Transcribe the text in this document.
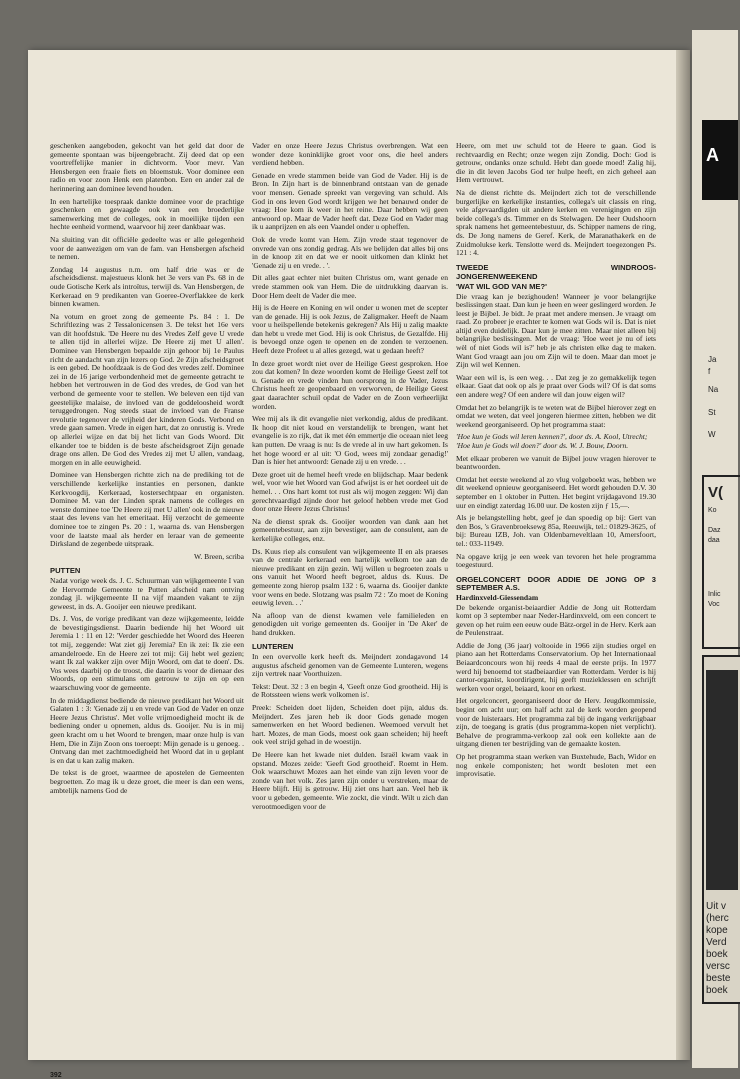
geschenken aangeboden, gekocht van het geld dat door de gemeente spontaan was bijeengebracht. Zij deed dat op een voortreffelijke manier in dichtvorm. Voor mevr. Van Hensbergen een fraaie fiets en bloemstuk. Voor dominee een radio en voor zoon Henk een platenbon. Een en ander zal de herinnering aan dominee levend houden.

In een hartelijke toespraak dankte dominee voor de prachtige geschenken en gewaagde ook van een broederlijke samenwerking met de colleges, ook in moeilijke tijden een hechte eenheid vormend, waarvoor hij zeer dankbaar was.

Na sluiting van dit officiële gedeelte was er alle gelegenheid voor de aanwezigen om van de fam. van Hensbergen afscheid te nemen.

Zondag 14 augustus n.m. om half drie was er de afscheidsdienst. majestueus klonk het 3e vers van Ps. 68 in de oude Gotische Kerk als introïtus, terwijl ds. Van Hensbergen, de Kerkeraad en 9 predikanten van Goeree-Overflakkee de kerk binnen kwamen.

Na votum en groet zong de gemeente Ps. 84 : 1. De Schriftlezing was 2 Tessalonicensen 3. De tekst het 16e vers van dit hoofdstuk. 'De Heere nu des Vredes Zelf geve U vrede te allen tijd in allerlei wijze. De Heere zij met U allen'. Dominee van Hensbergen bepaalde zijn gehoor bij 1e Paulus richt de aandacht van zijn lezers op God. 2e Zijn afscheidsgroet is een gebed. De hoofdzaak is de God des vredes zelf. Dominee zei in de 16 jarige verbondenheid met de gemeente getracht te hebben het vertrouwen in de God des vredes, de God van het verbond de gemeente voor te stellen. We beleven een tijd van geestelijke malaise, de invloed van de goddeloosheid wordt teruggedrongen. Nog steeds staat de invloed van de Franse revolutie tegenover de vrijheid der kinderen Gods. Verbond en vrede gaan samen. Vrede in eigen hart, dat zo onrustig is. Vrede op allerlei wijze en dat bij het licht van Gods Woord. Dit elkander toe te bidden is de beste afscheidsgroet Zijn genade drage ons allen. De God des Vredes zij met U allen, vandaag, morgen en in alle eeuwigheid.

Dominee van Hensbergen richtte zich na de prediking tot de verschillende kerkelijke instanties en personen, dankte Kerkvoogdij, Kerkeraad, kostersechtpaar en organisten. Dominee M. van der Linden sprak namens de colleges en wenste dominee toe 'De Heere zij met U allen' ook in de nieuwe staat des levens van het emeritaat. Hij verzocht de gemeente dominee toe te zingen Ps. 20 : 1, waarna ds. van Hensbergen voor de laatste maal als herder en leraar van de gemeente Dirksland de zegenbede uitspraak.

W. Breen, scriba

PUTTEN

Nadat vorige week ds. J. C. Schuurman van wijkgemeente I van de Hervormde Gemeente te Putten afscheid nam ontving zondag jl. wijkgemeente II na vijf maanden vakant te zijn geweest, in ds. A. Gooijer een nieuwe predikant.

Ds. J. Vos, de vorige predikant van deze wijkgemeente, leidde de bevestigingsdienst. Daarin bediende hij het Woord uit Jeremia 1 : 11 en 12: 'Verder geschiedde het Woord des Heeren tot mij, zeggende: Wat ziet gij Jeremia? En ik zei: Ik zie een amandelroede. En de Heere zei tot mij: Gij hebt wel gezien; want Ik zal wakker zijn over Mijn Woord, om dat te doen'. Ds. Vos wees daarbij op de troost, die daarin is voor de dienaar des Woords, op een stimulans om getrouw te zijn en op een waarschuwing voor de gemeente.

In de middagdienst bediende de nieuwe predikant het Woord uit Galaten 1 : 3: 'Genade zij u en vrede van God de Vader en onze Heere Jezus Christus'. Met volle vrijmoedigheid mocht ik de bediening onder u opnemen, aldus ds. Gooijer. Nu is in mij geen kracht om u het Woord te brengen, maar onze hulp is van Hem, Die in Zijn Zoon ons toeroept: Mijn genade is u genoeg. . Ontvang dan met zachtmoedigheid het Woord dat in u geplant is en dat u kan zalig maken.

De tekst is de groet, waarmee de apostelen de Gemeenten begroetten. Zo mag ik u deze groet, die meer is dan een wens, ambtelijk namens God de

Vader en onze Heere Jezus Christus overbrengen. Wat een wonder deze koninklijke groet voor ons, die heel anders verdiend hebben.

Genade en vrede stammen beide van God de Vader. Hij is de Bron. In Zijn hart is de binnenbrand ontstaan van de genade voor mensen. Genade spreekt van vergeving van schuld. Als God in ons leven God wordt krijgen we het benauwd onder de vraag: Hoe kom ik weer in het reine. Daar hebben wij geen antwoord op. Maar de Vader heeft dat. Deze God en Vader mag ik u aanprijzen en als een Vaandel onder u opheffen.

Ook de vrede komt van Hem. Zijn vrede staat tegenover de onvrede van ons zondig gedrag. Als we belijden dat alles bij ons in de knoop zit en dat we er nooit uitkomen dan klinkt het 'Genade zij u en vrede. . '.

Dit alles gaat echter niet buiten Christus om, want genade en vrede stammen ook van Hem. Die de uitdrukking daarvan is. Door Hem deelt de Vader die mee.

Hij is de Heere en Koning en wil onder u wonen met de scepter van de genade. Hij is ook Jezus, de Zaligmaker. Heeft de Naam voor u heilspellende betekenis gekregen? Als Hij u zalig maakte dan hebt u vrede met God. Hij is ook Christus, de Gezalfde. Hij is bevoegd onze ogen te openen en de zonden te verzoenen. Heeft deze Profeet u al alles gezegd, wat u gedaan heeft?

In deze groet wordt niet over de Heilige Geest gesproken. Hoe zou dat komen? In deze woorden komt de Heilige Geest zelf tot u. Genade en vrede vinden hun oorsprong in de Vader, Jezus Christus heeft ze geopenbaard en verworven, de Heilige Geest gaat daarachter schuil opdat de Vader en de Zoon verheerlijkt worden.

Wee mij als ik dit evangelie niet verkondig, aldus de predikant. Ik hoop dit niet koud en verstandelijk te brengen, want het evangelie is zo rijk, dat ik met één emmertje die oceaan niet leeg kan putten. De vraag is nu: Is de vrede al in uw hart gekomen. Is het hoge woord er al uit: 'O God, wees mij zondaar genadig!' Dan is hier het antwoord: Genade zij u en vrede. . .

Deze groet uit de hemel heeft vrede en blijdschap. Maar bedenk wel, voor wie het Woord van God afwijst is er het oordeel uit de hemel. . . Ons hart komt tot rust als wij mogen zeggen: Wij dan gerechtvaardigd zijnde door het geloof hebben vrede met God door onze Heere Jezus Christus!

Na de dienst sprak ds. Gooijer woorden van dank aan het gemeentebestuur, aan zijn bevestiger, aan de consulent, aan de kerkelijke colleges, enz.

Ds. Kuus riep als consulent van wijkgemeente II en als praeses van de centrale kerkeraad een hartelijk welkom toe aan de nieuwe predikant en zijn gezin. Wij willen u begroeten zoals u ons vanuit het Woord heeft begroet, aldus ds. Kuus. De gemeente zong hierop psalm 132 : 6, waarna ds. Gooijer dankte voor wens en bede. Slotzang was psalm 72 : 'Zo moet de Koning eeuwig leven. . .'

Na afloop van de dienst kwamen vele familieleden en genodigden uit vorige gemeenten ds. Gooijer in 'De Aker' de hand drukken.

LUNTEREN

In een overvolle kerk heeft ds. Meijndert zondagavond 14 augustus afscheid genomen van de Gemeente Lunteren, wegens zijn vertrek naar Voorthuizen.

Tekst: Deut. 32 : 3 en begin 4, 'Geeft onze God grootheid. Hij is de Rotssteen wiens werk volkomen is'.

Preek: Scheiden doet lijden, Scheiden doet pijn, aldus ds. Meijndert. Zes jaren heb ik door Gods genade mogen samenwerken en het Woord bedienen. Weemoed vervult het hart. Mozes, de man Gods, moest ook gaan scheiden; hij heeft ook veel strijd gehad in de woestijn.

De Heere kan het kwade niet dulden. Israël kwam vaak in opstand. Mozes zeide: 'Geeft God grootheid'. Roemt in Hem. Ook waarschuwt Mozes aan het einde van zijn leven voor de zonde van het volk. Zes jaren zijn onder u verstreken, maar de Heere blijft. Hij is getrouw. Hij ziet ons hart aan. Veel heb ik voor u gebeden, gemeente. Wie zockt, die vindt. Wilt u zich dan verootmoedigen voor de

Heere, om met uw schuld tot de Heere te gaan. God is rechtvaardig en Recht; onze wegen zijn Zondig. Doch: God is getrouw, ondanks onze schuld. Hebt dan goede moed! Zalig hij, die in dit leven Jacobs God ter hulpe heeft, en zich geheel aan Hem vertrouwt.

Na de dienst richtte ds. Meijndert zich tot de verschillende burgerlijke en kerkelijke instanties, collega's uit classis en ring, vele afgevaardigden uit andere kerken en verenigingen en zijn beide collega's ds. Timmer en ds Stelwagen. De heer Oudshoorn sprak namens het gemeentebestuur, ds. Schipper namens de ring, ds. De Jong namens de Geref. Kerk, de Maranathakerk en de Zuidmolukse kerk. Tenslotte werd ds. Meijndert toegezongen Ps. 121 : 4.

TWEEDE	WINDROOS-
JONGERENWEEKEND
'WAT WIL GOD VAN ME?'

Die vraag kan je bezighouden! Wanneer je voor belangrijke beslissingen staat. Dan kun je heen en weer geslingerd worden. Je leest je Bijbel. Je bidt. Je praat met andere mensen. Je vraagt om raad. Zo probeer je erachter te komen wat Gods wil is. Dat is niet altijd even duidelijk. Daar kun je mee zitten. Maar niet alleen bij belangrijke beslissingen. Met de vraag: 'Hoe weet je nu of iets wèl of niet Gods wil is?' heb je als christen elke dag te maken. Want God vraagt aan jou om Zijn wil te doen. Maar dan moet je Zijn wil wel Kennen.

Waar een wil is, is een weg. . . Dat zeg je zo gemakkelijk tegen elkaar. Gaat dat ook op als je praat over Gods wil? Of is dat soms een andere weg? Of een andere wil dan jouw eigen wil?

Omdat het zo belangrijk is te weten wat de Bijbel hierover zegt en omdat we weten, dat veel jongeren hiermee zitten, hebben we dit weekend georganiseerd. Op het programma staat:

'Hoe kun je Gods wil leren kennen?', door ds. A. Kool, Utrecht;

'Hoe kun je Gods wil doen?' door ds. W. J. Bouw, Doorn.

Met elkaar proberen we vanuit de Bijbel jouw vragen hierover te beantwoorden.

Omdat het eerste weekend al zo vlug volgeboekt was, hebben we dit weekend opnieuw georganiseerd. Het wordt gehouden D.V. 30 september en 1 oktober in Putten. Het begint vrijdagavond 19.30 uur en eindigt zaterdag 16.00 uur. De kosten zijn ƒ 15,—.

Als je belangstelling hebt, geef je dan spoedig op bij: Gert van den Bos, 's Gravenbroeksewg 85a, Reeuwijk, tel.: 01829-3625, of bij: Bureau IZB, Joh. van Oldenbarneveltlaan 10, Amersfoort, tel.: 033-11949.

Na opgave krijg je een week van tevoren het hele programma toegestuurd.

ORGELCONCERT DOOR ADDIE DE JONG OP 3 SEPTEMBER A.S.
Hardinxveld-Giessendam

De bekende organist-beiaardier Addie de Jong uit Rotterdam komt op 3 september naar Neder-Hardinxveld, om een concert te geven op het ruim een eeuw oude Bätz-orgel in de Herv. Kerk aan de Peulenstraat.

Addie de Jong (36 jaar) voltooide in 1966 zijn studies orgel en piano aan het Rotterdams Conservatorium. Op het Internationaal Beiaardconcours won hij reeds 4 maal de eerste prijs. In 1977 werd hij benoemd tot stadbeiaardier van Rotterdam. Verder is hij cantor-organist, koordirigent, hij geeft muzieklessen en schrijft werken voor orgel, beiaard, koor en orkest.

Het orgelconcert, georganiseerd door de Herv. Jeugdkommissie, begint om acht uur; om half acht zal de kerk worden geopend voor de luisteraars. Het programma zal bij de ingang verkrijgbaar zijn, de toegang is gratis (dus programma-kopen niet verplicht). Behalve de programma-verkoop zal ook een kollekte aan de uitgang dienen ter bestrijding van de gemaakte kosten.

Op het programma staan werken van Buxtehude, Bach, Widor en nog enkele componisten; het wordt besloten met een improvisatie.

392
A
Ja
f
Na
St
W
V(
Ko
Daz
daa
Inlic
Voc
Uit v
(herc
kope
Verd
boek
versc
beste
boek
